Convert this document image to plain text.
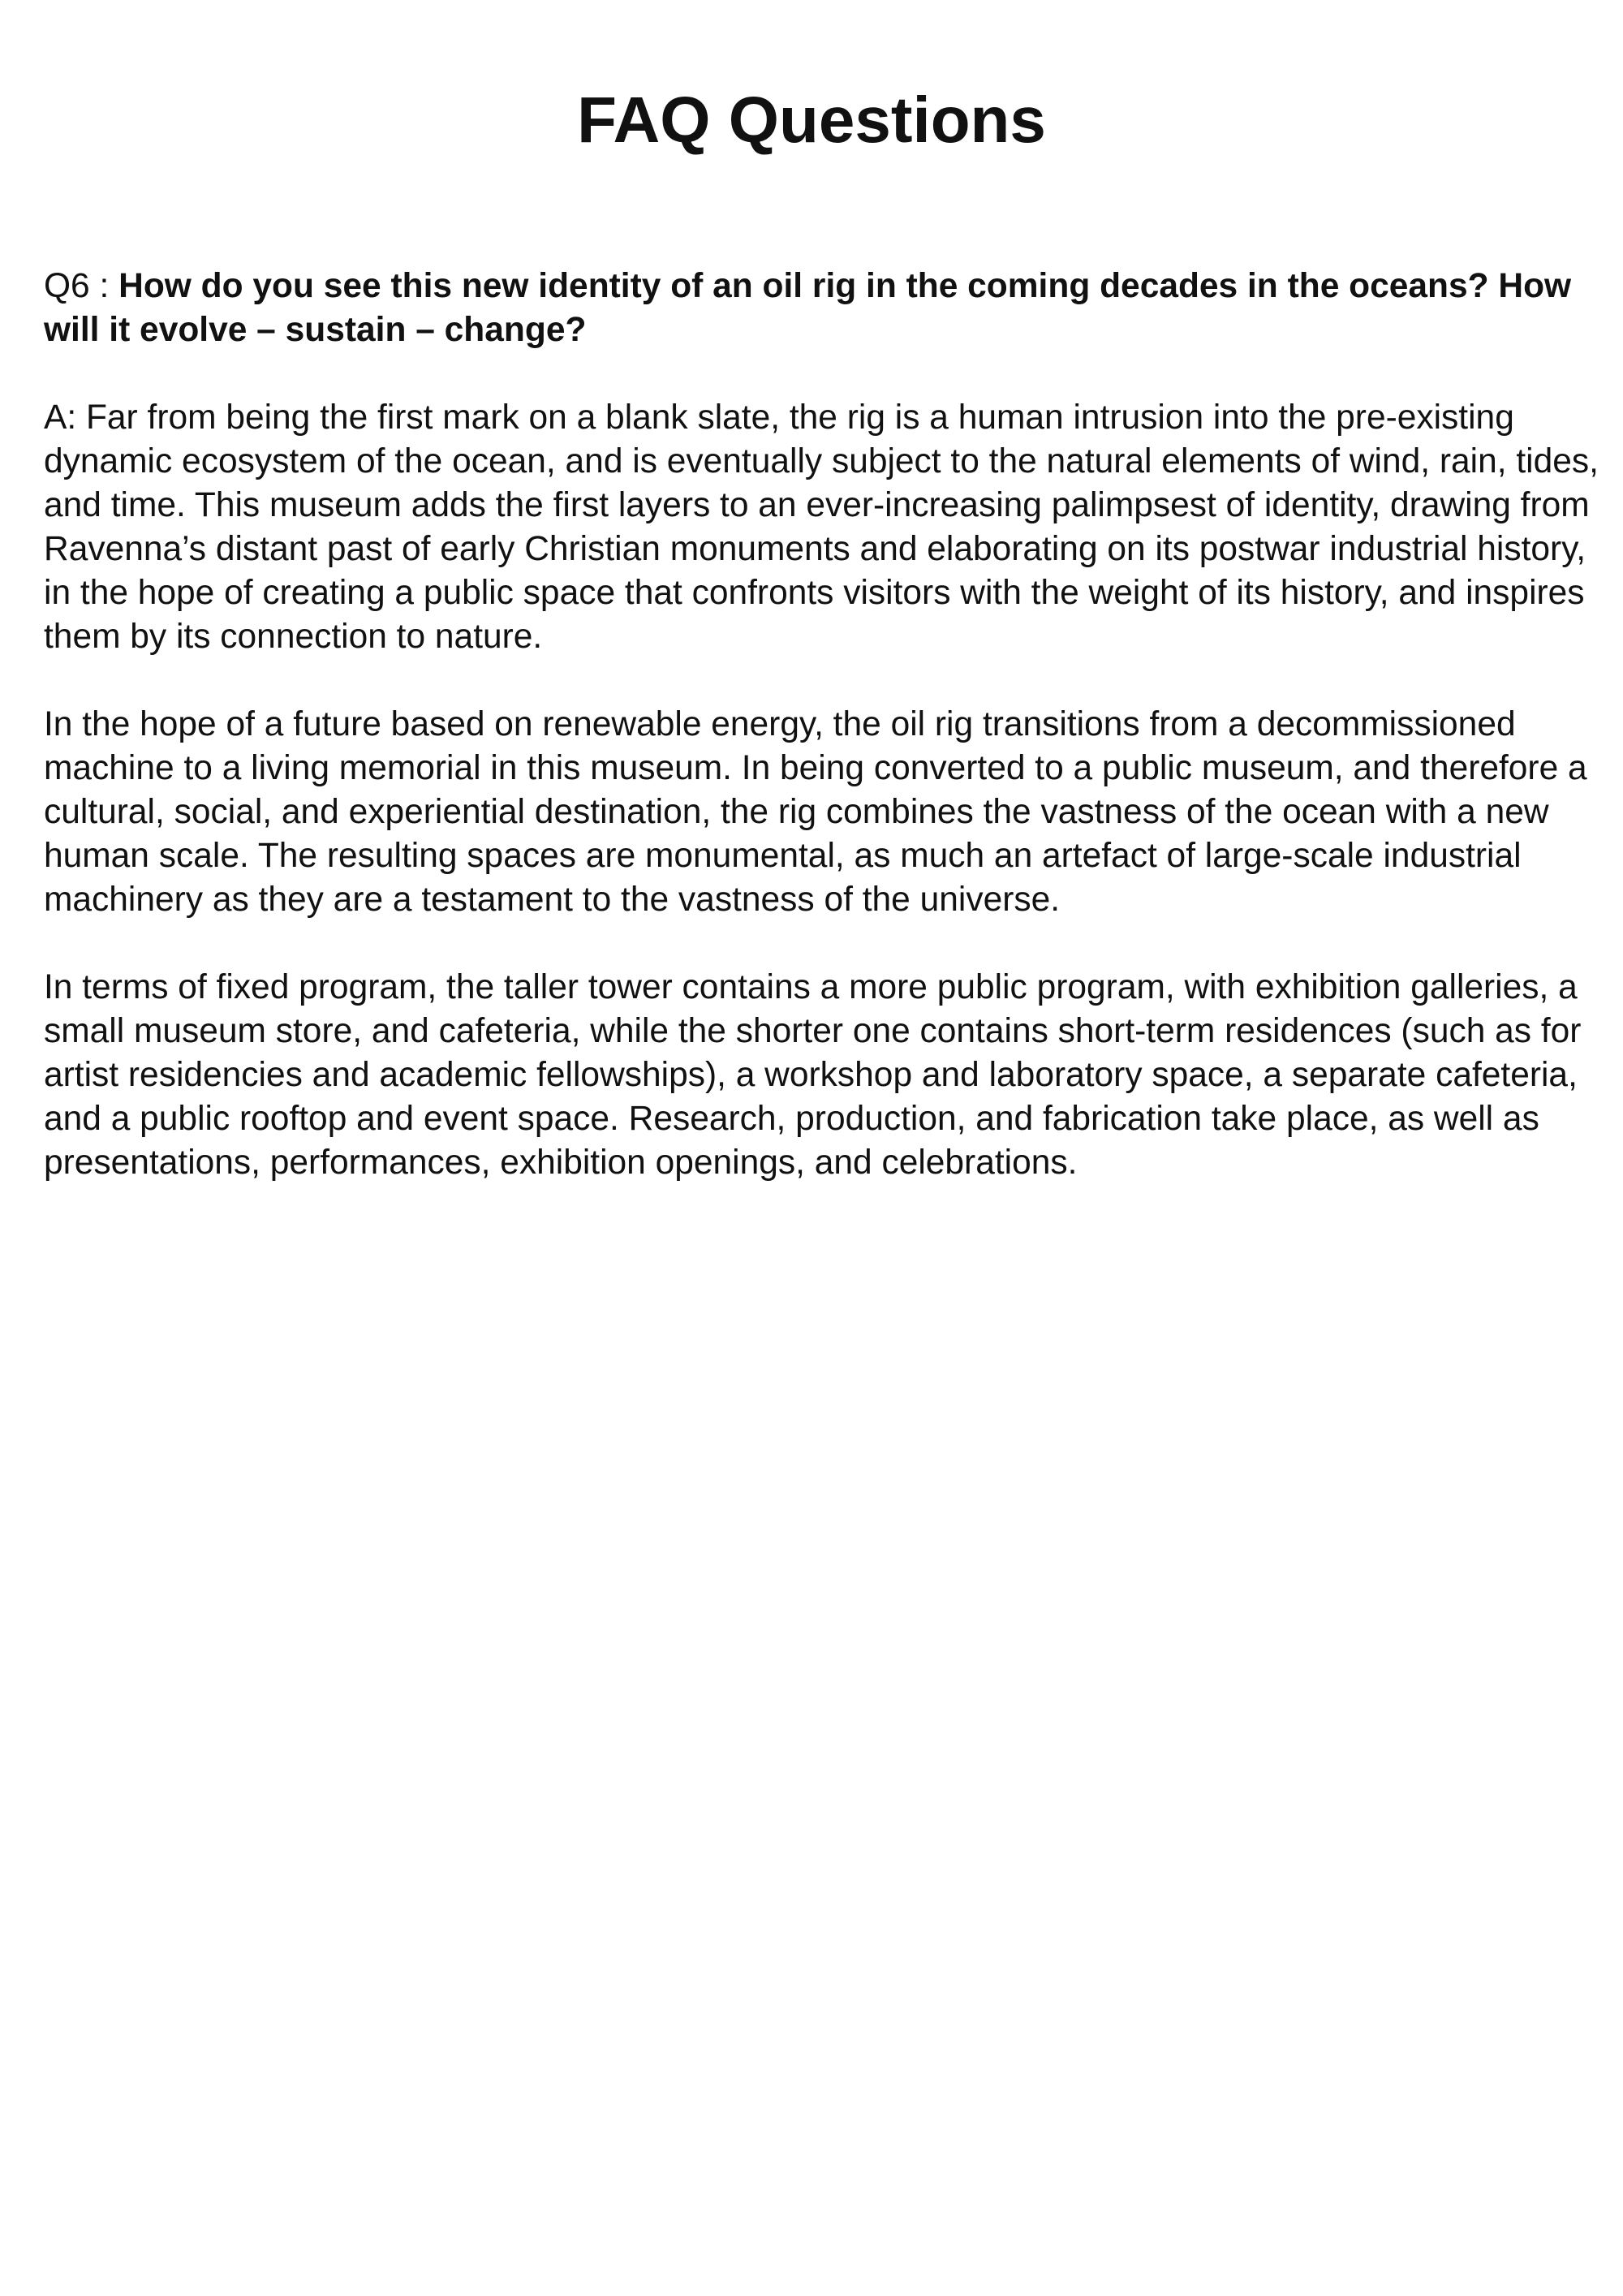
FAQ Questions

Q6 : How do you see this new identity of an oil rig in the coming decades in the oceans? How will it evolve – sustain – change?

A: Far from being the first mark on a blank slate, the rig is a human intrusion into the pre-existing dynamic ecosystem of the ocean, and is eventually subject to the natural elements of wind, rain, tides, and time. This museum adds the first layers to an ever-increasing palimpsest of identity, drawing from Ravenna’s distant past of early Christian monuments and elaborating on its postwar industrial history, in the hope of creating a public space that confronts visitors with the weight of its history, and inspires them by its connection to nature.

In the hope of a future based on renewable energy, the oil rig transitions from a decommissioned machine to a living memorial in this museum. In being converted to a public museum, and therefore a cultural, social, and experiential destination, the rig combines the vastness of the ocean with a new human scale. The resulting spaces are monumental, as much an artefact of large-scale industrial machinery as they are a testament to the vastness of the universe.

In terms of fixed program, the taller tower contains a more public program, with exhibition galleries, a small museum store, and cafeteria, while the shorter one contains short-term residences (such as for artist residencies and academic fellowships), a workshop and laboratory space, a separate cafeteria, and a public rooftop and event space. Research, production, and fabrication take place, as well as presentations, performances, exhibition openings, and celebrations.
